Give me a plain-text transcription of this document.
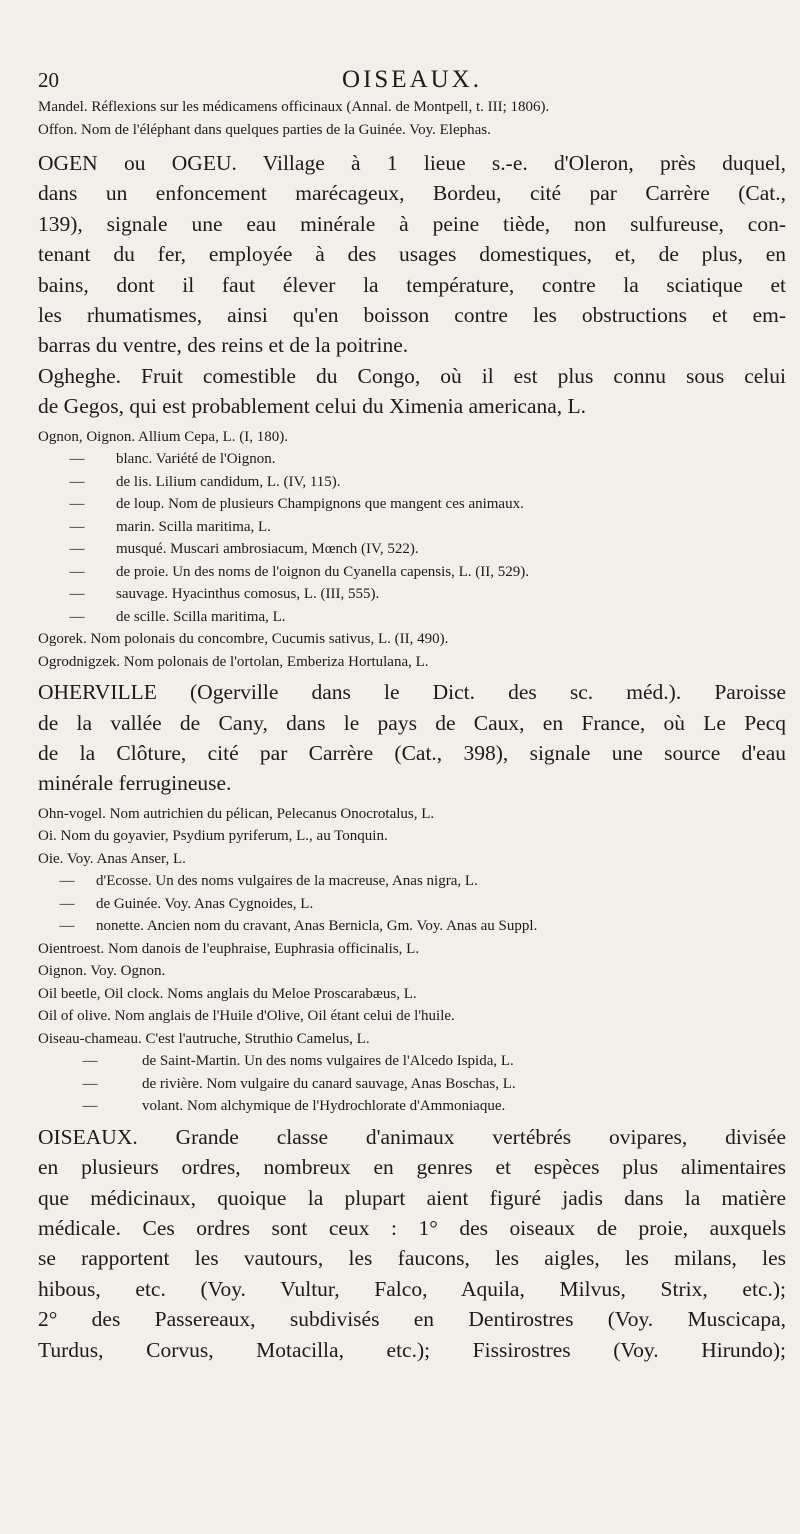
20	OISEAUX.
Mandel. Réflexions sur les médicamens officinaux (Annal. de Montpell, t. III; 1806).
Offon. Nom de l'éléphant dans quelques parties de la Guinée. Voy. Elephas.
OGEN ou OGEU. Village à 1 lieue s.-e. d'Oleron, près duquel,
dans un enfoncement marécageux, Bordeu, cité par Carrère (Cat.,
139), signale une eau minérale à peine tiède, non sulfureuse, con-
tenant du fer, employée à des usages domestiques, et, de plus, en
bains, dont il faut élever la température, contre la sciatique et
les rhumatismes, ainsi qu'en boisson contre les obstructions et em-
barras du ventre, des reins et de la poitrine.
Ogheghe. Fruit comestible du Congo, où il est plus connu sous celui
de Gegos, qui est probablement celui du Ximenia americana, L.
Ognon, Oignon. Allium Cepa, L. (I, 180).
— blanc. Variété de l'Oignon.
— de lis. Lilium candidum, L. (IV, 115).
— de loup. Nom de plusieurs Champignons que mangent ces animaux.
— marin. Scilla maritima, L.
— musqué. Muscari ambrosiacum, Mœnch (IV, 522).
— de proie. Un des noms de l'oignon du Cyanella capensis, L. (II, 529).
— sauvage. Hyacinthus comosus, L. (III, 555).
— de scille. Scilla maritima, L.
Ogorek. Nom polonais du concombre, Cucumis sativus, L. (II, 490).
Ogrodnigzek. Nom polonais de l'ortolan, Emberiza Hortulana, L.
OHERVILLE (Ogerville dans le Dict. des sc. méd.). Paroisse
de la vallée de Cany, dans le pays de Caux, en France, où Le Pecq
de la Clôture, cité par Carrère (Cat., 398), signale une source d'eau
minérale ferrugineuse.
Ohn-vogel. Nom autrichien du pélican, Pelecanus Onocrotalus, L.
Oi. Nom du goyavier, Psydium pyriferum, L., au Tonquin.
Oie. Voy. Anas Anser, L.
— d'Ecosse. Un des noms vulgaires de la macreuse, Anas nigra, L.
— de Guinée. Voy. Anas Cygnoides, L.
— nonette. Ancien nom du cravant, Anas Bernicla, Gm. Voy. Anas au Suppl.
Oientroest. Nom danois de l'euphraise, Euphrasia officinalis, L.
Oignon. Voy. Ognon.
Oil beetle, Oil clock. Noms anglais du Meloe Proscarabæus, L.
Oil of olive. Nom anglais de l'Huile d'Olive, Oil étant celui de l'huile.
Oiseau-chameau. C'est l'autruche, Struthio Camelus, L.
—	de Saint-Martin. Un des noms vulgaires de l'Alcedo Ispida, L.
—	de rivière. Nom vulgaire du canard sauvage, Anas Boschas, L.
—	volant. Nom alchymique de l'Hydrochlorate d'Ammoniaque.
OISEAUX. Grande classe d'animaux vertébrés ovipares, divisée
en plusieurs ordres, nombreux en genres et espèces plus alimentaires
que médicinaux, quoique la plupart aient figuré jadis dans la matière
médicale. Ces ordres sont ceux : 1° des oiseaux de proie, auxquels
se rapportent les vautours, les faucons, les aigles, les milans, les
hibous, etc. (Voy. Vultur, Falco, Aquila, Milvus, Strix, etc.);
2° des Passereaux, subdivisés en Dentirostres (Voy. Muscicapa,
Turdus, Corvus, Motacilla, etc.); Fissirostres (Voy. Hirundo);
